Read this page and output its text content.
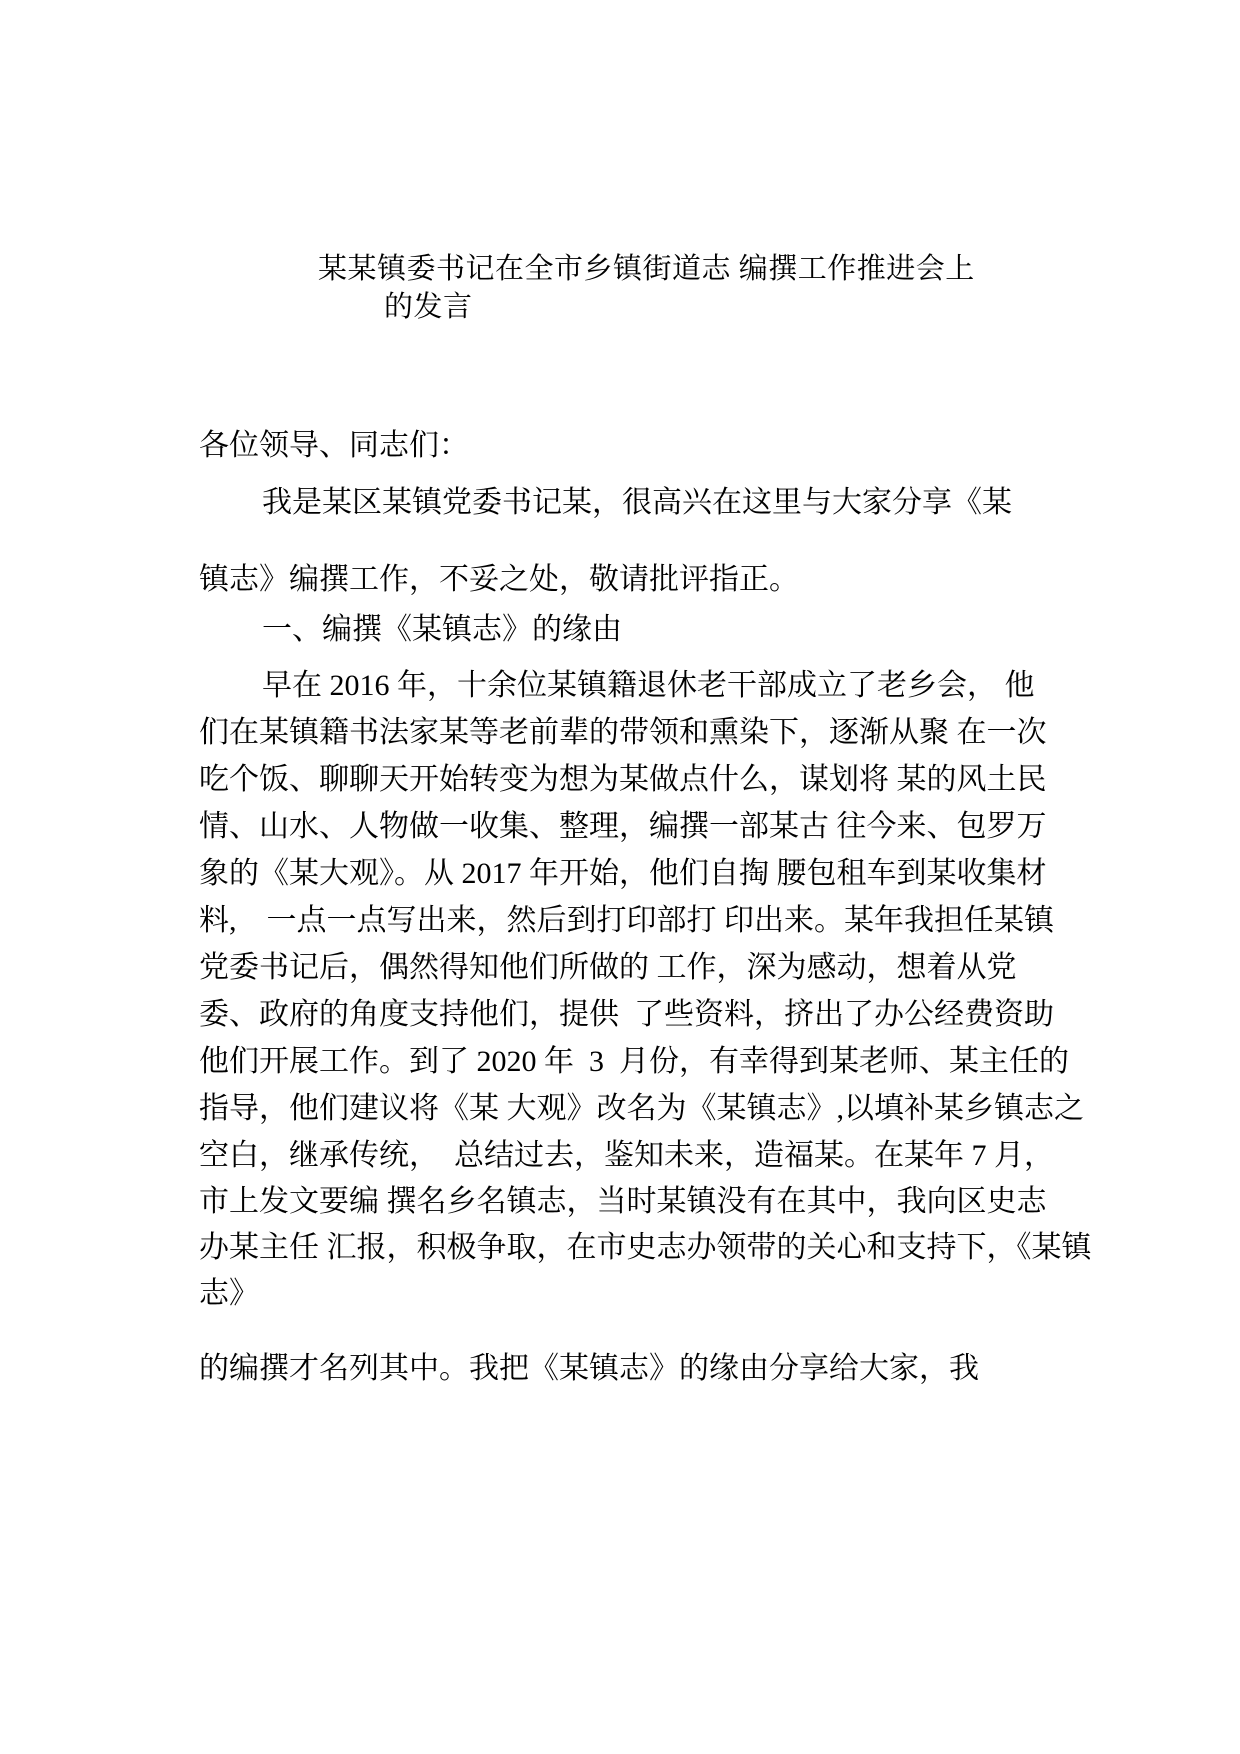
某某镇委书记在全市乡镇街道志 编撰工作推进会上
的发言
各位领导、同志们：
我是某区某镇党委书记某，很高兴在这里与大家分享《某
镇志》编撰工作，不妥之处，敬请批评指正。
一、编撰《某镇志》的缘由
早在 2016 年，十余位某镇籍退休老干部成立了老乡会， 他
们在某镇籍书法家某等老前辈的带领和熏染下，逐渐从聚 在一次
吃个饭、聊聊天开始转变为想为某做点什么，谋划将 某的风土民
情、山水、人物做一收集、整理，编撰一部某古 往今来、包罗万
象的《某大观》。从 2017 年开始，他们自掏 腰包租车到某收集材
料,    一点一点写出来，然后到打印部打 印出来。某年我担任某镇
党委书记后，偶然得知他们所做的 工作，深为感动，想着从党
委、政府的角度支持他们，提供  了些资料，挤出了办公经费资助
他们开展工作。到了 2020 年  3  月份，有幸得到某老师、某主任的
指导，他们建议将《某 大观》改名为《某镇志》,以填补某乡镇志之
空白，继承传统，  总结过去，鉴知未来，造福某。在某年 7 月，
市上发文要编 撰名乡名镇志，当时某镇没有在其中，我向区史志
办某主任 汇报，积极争取，在市史志办领带的关心和支持下，《某镇
志》
的编撰才名列其中。我把《某镇志》的缘由分享给大家，我
